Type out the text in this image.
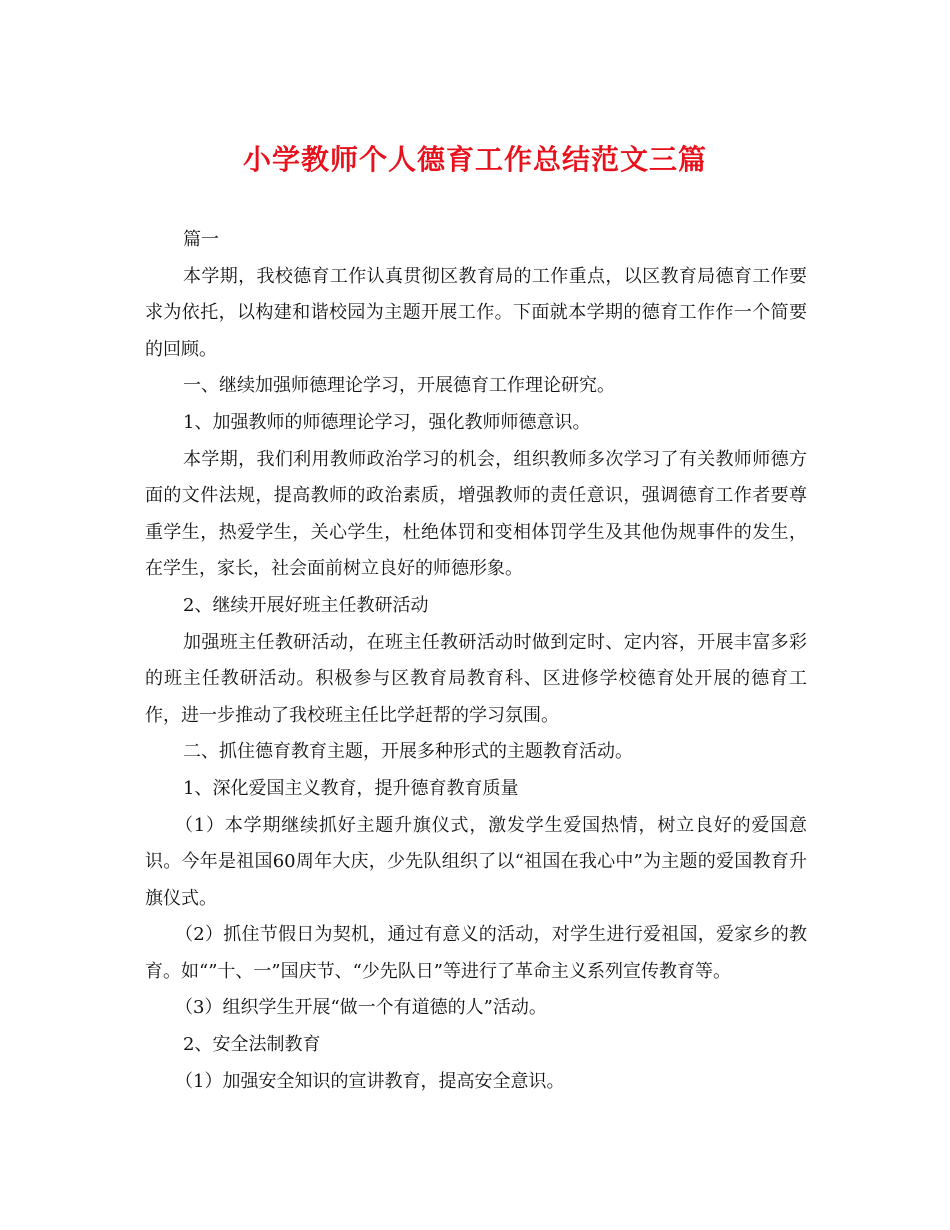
小学教师个人德育工作总结范文三篇

篇一

本学期，我校德育工作认真贯彻区教育局的工作重点，以区教育局德育工作要求为依托，以构建和谐校园为主题开展工作。下面就本学期的德育工作作一个简要的回顾。

一、继续加强师德理论学习，开展德育工作理论研究。

1、加强教师的师德理论学习，强化教师师德意识。

本学期，我们利用教师政治学习的机会，组织教师多次学习了有关教师师德方面的文件法规，提高教师的政治素质，增强教师的责任意识，强调德育工作者要尊重学生，热爱学生，关心学生，杜绝体罚和变相体罚学生及其他伪规事件的发生，在学生，家长，社会面前树立良好的师德形象。

2、继续开展好班主任教研活动

加强班主任教研活动，在班主任教研活动时做到定时、定内容，开展丰富多彩的班主任教研活动。积极参与区教育局教育科、区进修学校德育处开展的德育工作，进一步推动了我校班主任比学赶帮的学习氛围。

二、抓住德育教育主题，开展多种形式的主题教育活动。

1、深化爱国主义教育，提升德育教育质量

（1）本学期继续抓好主题升旗仪式，激发学生爱国热情，树立良好的爱国意识。今年是祖国60周年大庆，少先队组织了以“祖国在我心中”为主题的爱国教育升旗仪式。

（2）抓住节假日为契机，通过有意义的活动，对学生进行爱祖国，爱家乡的教育。如“”十、一”国庆节、“少先队日”等进行了革命主义系列宣传教育等。

（3）组织学生开展“做一个有道德的人”活动。

2、安全法制教育

（1）加强安全知识的宣讲教育，提高安全意识。
